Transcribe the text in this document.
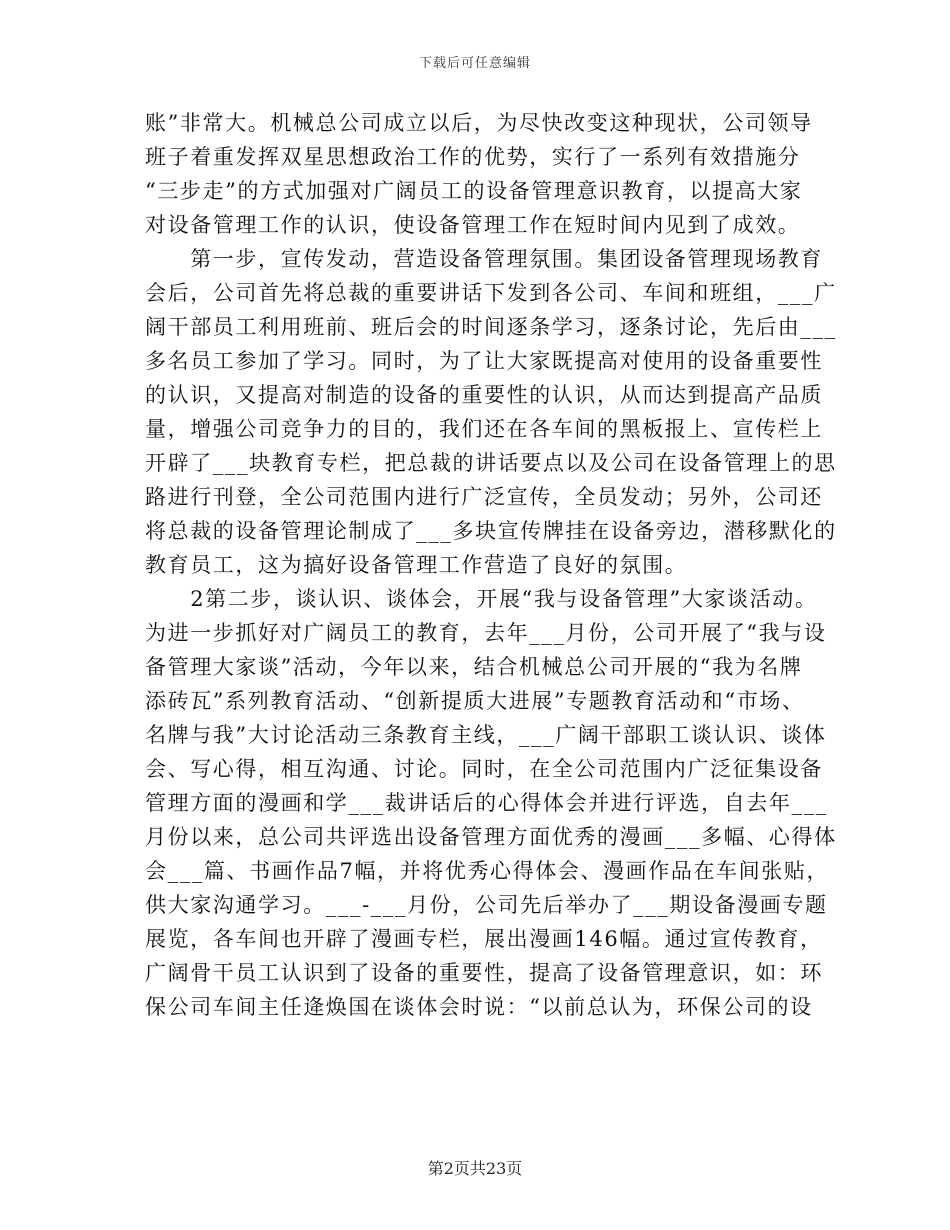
下载后可任意编辑
账”非常大。机械总公司成立以后，为尽快改变这种现状，公司领导
班子着重发挥双星思想政治工作的优势，实行了一系列有效措施分
“三步走”的方式加强对广阔员工的设备管理意识教育，以提高大家
对设备管理工作的认识，使设备管理工作在短时间内见到了成效。
　　第一步，宣传发动，营造设备管理氛围。集团设备管理现场教育
会后，公司首先将总裁的重要讲话下发到各公司、车间和班组，___广
阔干部员工利用班前、班后会的时间逐条学习，逐条讨论，先后由___
多名员工参加了学习。同时，为了让大家既提高对使用的设备重要性
的认识，又提高对制造的设备的重要性的认识，从而达到提高产品质
量，增强公司竞争力的目的，我们还在各车间的黑板报上、宣传栏上
开辟了___块教育专栏，把总裁的讲话要点以及公司在设备管理上的思
路进行刊登，全公司范围内进行广泛宣传，全员发动；另外，公司还
将总裁的设备管理论制成了___多块宣传牌挂在设备旁边，潜移默化的
教育员工，这为搞好设备管理工作营造了良好的氛围。
　　2第二步，谈认识、谈体会，开展“我与设备管理”大家谈活动。
为进一步抓好对广阔员工的教育，去年___月份，公司开展了“我与设
备管理大家谈”活动，今年以来，结合机械总公司开展的“我为名牌
添砖瓦”系列教育活动、“创新提质大进展”专题教育活动和“市场、
名牌与我”大讨论活动三条教育主线，___广阔干部职工谈认识、谈体
会、写心得，相互沟通、讨论。同时，在全公司范围内广泛征集设备
管理方面的漫画和学___裁讲话后的心得体会并进行评选，自去年___
月份以来，总公司共评选出设备管理方面优秀的漫画___多幅、心得体
会___篇、书画作品7幅，并将优秀心得体会、漫画作品在车间张贴，
供大家沟通学习。___-___月份，公司先后举办了___期设备漫画专题
展览，各车间也开辟了漫画专栏，展出漫画146幅。通过宣传教育，
广阔骨干员工认识到了设备的重要性，提高了设备管理意识，如：环
保公司车间主任逄焕国在谈体会时说：“以前总认为，环保公司的设
第2页共23页
